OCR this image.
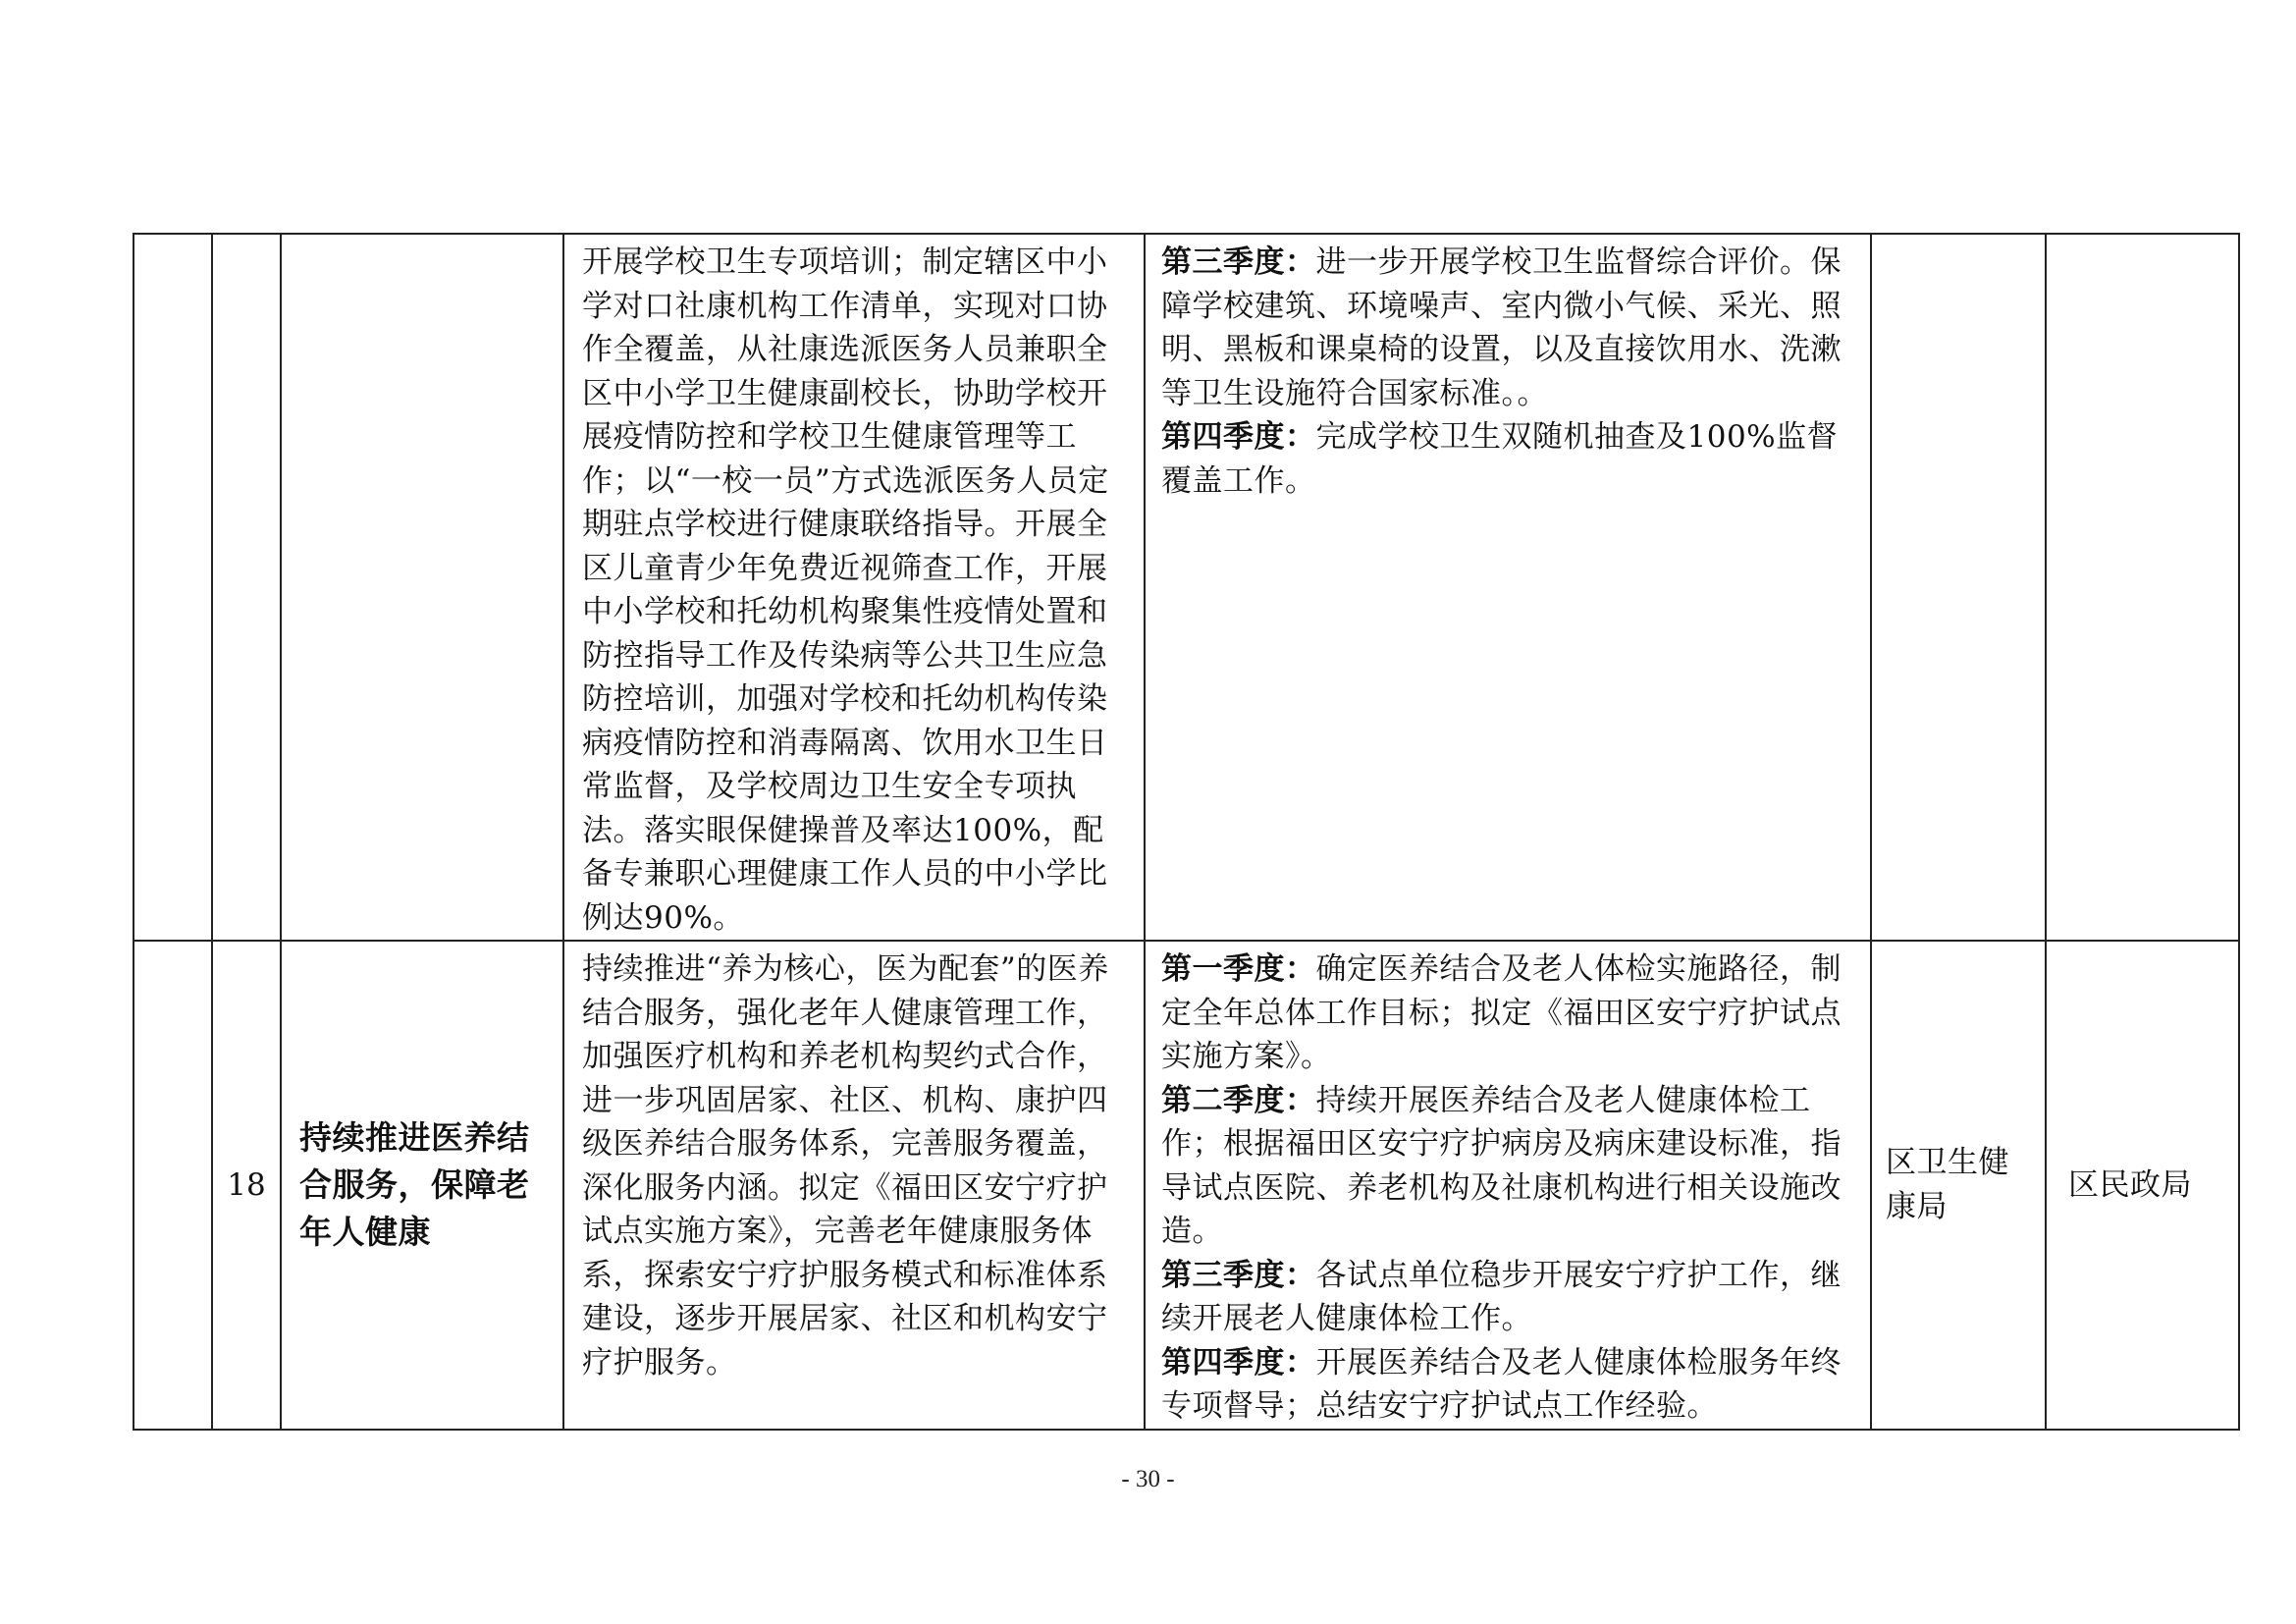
			开展学校卫生专项培训；制定辖区中小学对口社康机构工作清单，实现对口协作全覆盖，从社康选派医务人员兼职全区中小学卫生健康副校长，协助学校开展疫情防控和学校卫生健康管理等工作；以“一校一员”方式选派医务人员定期驻点学校进行健康联络指导。开展全区儿童青少年免费近视筛查工作，开展中小学校和托幼机构聚集性疫情处置和防控指导工作及传染病等公共卫生应急防控培训，加强对学校和托幼机构传染病疫情防控和消毒隔离、饮用水卫生日常监督，及学校周边卫生安全专项执法。落实眼保健操普及率达100%，配备专兼职心理健康工作人员的中小学比例达90%。	第三季度：进一步开展学校卫生监督综合评价。保障学校建筑、环境噪声、室内微小气候、采光、照明、黑板和课桌椅的设置，以及直接饮用水、洗漱等卫生设施符合国家标准。。
第四季度：完成学校卫生双随机抽查及100%监督覆盖工作。		

	18	持续推进医养结合服务，保障老年人健康	持续推进“养为核心，医为配套”的医养结合服务，强化老年人健康管理工作，加强医疗机构和养老机构契约式合作，进一步巩固居家、社区、机构、康护四级医养结合服务体系，完善服务覆盖，深化服务内涵。拟定《福田区安宁疗护试点实施方案》，完善老年健康服务体系，探索安宁疗护服务模式和标准体系建设，逐步开展居家、社区和机构安宁疗护服务。	第一季度：确定医养结合及老人体检实施路径，制定全年总体工作目标；拟定《福田区安宁疗护试点实施方案》。
第二季度：持续开展医养结合及老人健康体检工作；根据福田区安宁疗护病房及病床建设标准，指导试点医院、养老机构及社康机构进行相关设施改造。
第三季度：各试点单位稳步开展安宁疗护工作，继续开展老人健康体检工作。
第四季度：开展医养结合及老人健康体检服务年终专项督导；总结安宁疗护试点工作经验。	区卫生健康局	区民政局
- 30 -
